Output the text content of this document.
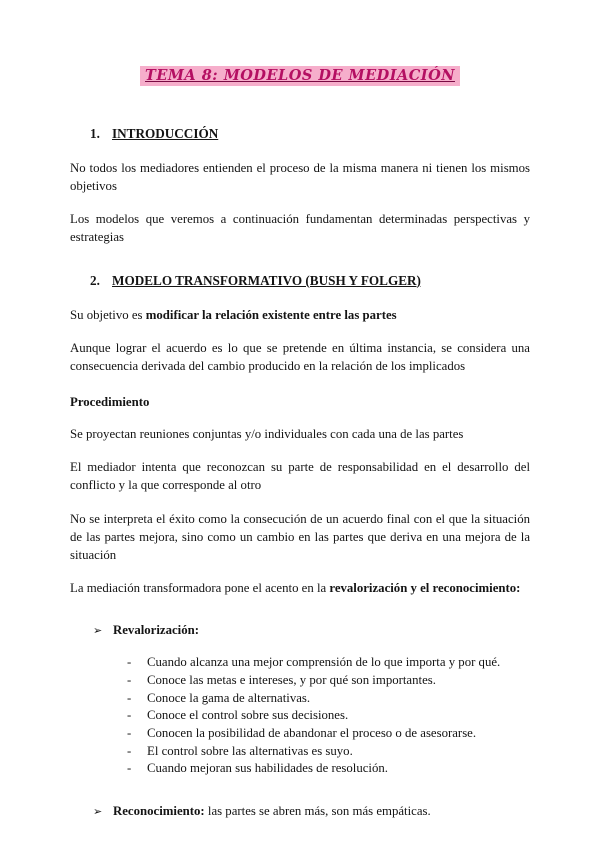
TEMA 8: MODELOS DE MEDIACIÓN
1. INTRODUCCIÓN

No todos los mediadores entienden el proceso de la misma manera ni tienen los mismos objetivos

Los modelos que veremos a continuación fundamentan determinadas perspectivas y estrategias

2. MODELO TRANSFORMATIVO (BUSH Y FOLGER)

Su objetivo es modificar la relación existente entre las partes

Aunque lograr el acuerdo es lo que se pretende en última instancia, se considera una consecuencia derivada del cambio producido en la relación de los implicados

Procedimiento

Se proyectan reuniones conjuntas y/o individuales con cada una de las partes

El mediador intenta que reconozcan su parte de responsabilidad en el desarrollo del conflicto y la que corresponde al otro

No se interpreta el éxito como la consecución de un acuerdo final con el que la situación de las partes mejora, sino como un cambio en las partes que deriva en una mejora de la situación

La mediación transformadora pone el acento en la revalorización y el reconocimiento:

➢ Revalorización:
-	Cuando alcanza una mejor comprensión de lo que importa y por qué.
-	Conoce las metas e intereses, y por qué son importantes.
-	Conoce la gama de alternativas.
-	Conoce el control sobre sus decisiones.
-	Conocen la posibilidad de abandonar el proceso o de asesorarse.
-	El control sobre las alternativas es suyo.
-	Cuando mejoran sus habilidades de resolución.
➢ Reconocimiento: las partes se abren más, son más empáticas.
